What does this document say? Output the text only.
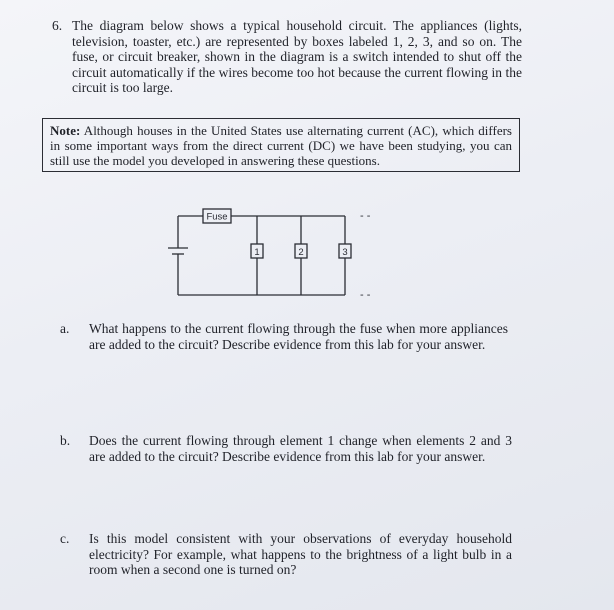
6. The diagram below shows a typical household circuit. The appliances (lights, television, toaster, etc.) are represented by boxes labeled 1, 2, 3, and so on. The fuse, or circuit breaker, shown in the diagram is a switch intended to shut off the circuit automatically if the wires become too hot because the current flowing in the circuit is too large.
Note: Although houses in the United States use alternating current (AC), which differs in some important ways from the direct current (DC) we have been studying, you can still use the model you developed in answering these questions.
Fuse
1	2	3
- -
- -
a. What happens to the current flowing through the fuse when more appliances are added to the circuit? Describe evidence from this lab for your answer.
b. Does the current flowing through element 1 change when elements 2 and 3 are added to the circuit? Describe evidence from this lab for your answer.
c. Is this model consistent with your observations of everyday household electricity? For example, what happens to the brightness of a light bulb in a room when a second one is turned on?
